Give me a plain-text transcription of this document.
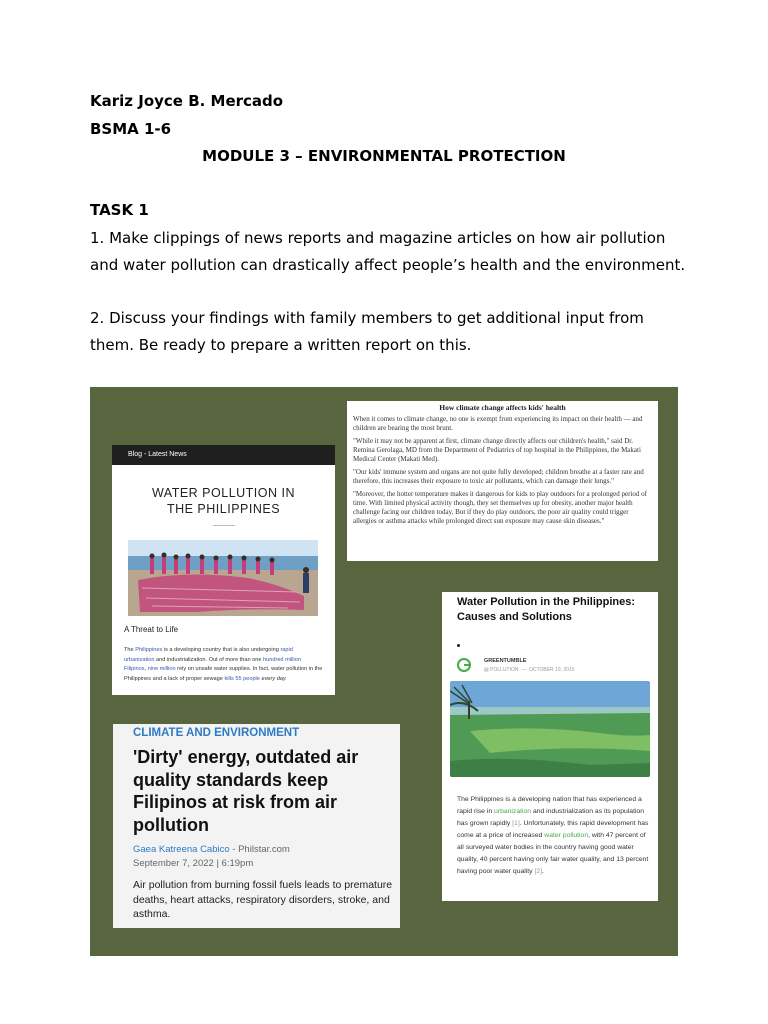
Kariz Joyce B. Mercado
BSMA 1-6
MODULE 3 – ENVIRONMENTAL PROTECTION
TASK 1
1. Make clippings of news reports and magazine articles on how air pollution and water pollution can drastically affect people’s health and the environment.
2. Discuss your findings with family members to get additional input from them. Be ready to prepare a written report on this.
How climate change affects kids' health

When it comes to climate change, no one is exempt from experiencing its impact on their health — and children are bearing the most brunt.

"While it may not be apparent at first, climate change directly affects our children's health," said Dr. Remina Gerolaga, MD from the Department of Pediatrics of top hospital in the Philippines, the Makati Medical Center (Makati Med).

"Our kids' immune system and organs are not quite fully developed; children breathe at a faster rate and therefore, this increases their exposure to toxic air pollutants, which can damage their lungs."

"Moreover, the hotter temperature makes it dangerous for kids to play outdoors for a prolonged period of time. With limited physical activity though, they set themselves up for obesity, another major health challenge facing our children today. But if they do play outdoors, the poor air quality could trigger allergies or asthma attacks while prolonged direct sun exposure may cause skin diseases."

Blog - Latest News
WATER POLLUTION IN THE PHILIPPINES
A Threat to Life
The Philippines is a developing country that is also undergoing rapid urbanization and industrialization. Out of more than one hundred million Filipinos, nine million rely on unsafe water supplies. In fact, water pollution in the Philippines and a lack of proper sewage kills 55 people every day.
Water Pollution in the Philippines: Causes and Solutions
GREENTUMBLE
▤ POLLUTION  —  OCTOBER 19, 2015
The Philippines is a developing nation that has experienced a rapid rise in urbanization and industrialization as its population has grown rapidly [1]. Unfortunately, this rapid development has come at a price of increased water pollution, with 47 percent of all surveyed water bodies in the country having good water quality, 40 percent having only fair water quality, and 13 percent having poor water quality [2].
CLIMATE AND ENVIRONMENT
'Dirty' energy, outdated air quality standards keep Filipinos at risk from air pollution
Gaea Katreena Cabico - Philstar.com
September 7, 2022 | 6:19pm
Air pollution from burning fossil fuels leads to premature deaths, heart attacks, respiratory disorders, stroke, and asthma.
